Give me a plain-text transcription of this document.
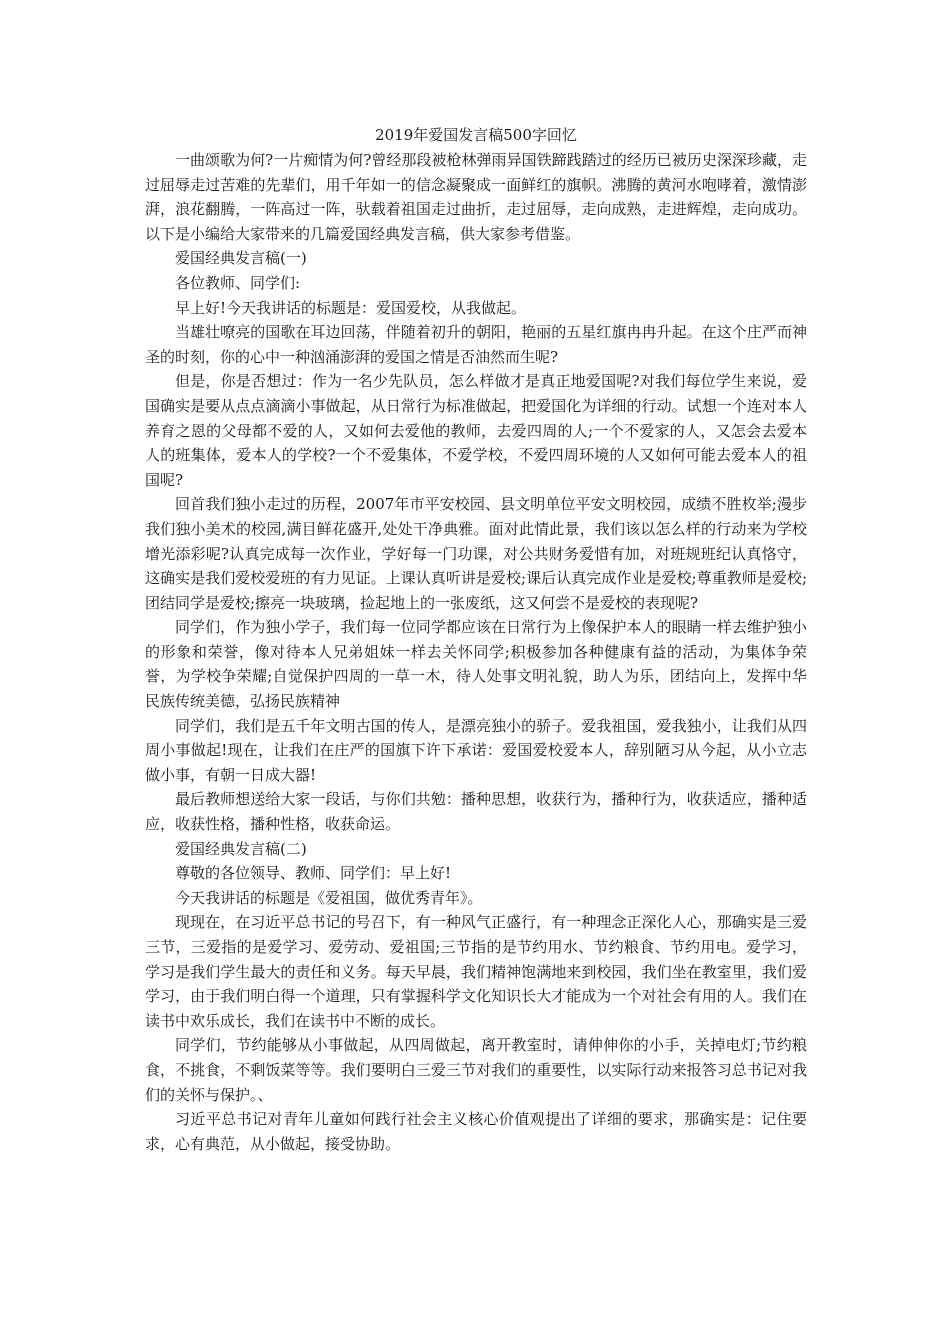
2019年爱国发言稿500字回忆

一曲颂歌为何?一片痴情为何?曾经那段被枪林弹雨异国铁蹄践踏过的经历已被历史深深珍藏，走过屈辱走过苦难的先辈们，用千年如一的信念凝聚成一面鲜红的旗帜。沸腾的黄河水咆哮着，激情澎湃，浪花翻腾，一阵高过一阵，驮载着祖国走过曲折，走过屈辱，走向成熟，走进辉煌，走向成功。以下是小编给大家带来的几篇爱国经典发言稿，供大家参考借鉴。

爱国经典发言稿(一)

各位教师、同学们:

早上好!今天我讲话的标题是：爱国爱校，从我做起。

当雄壮嘹亮的国歌在耳边回荡，伴随着初升的朝阳，艳丽的五星红旗冉冉升起。在这个庄严而神圣的时刻，你的心中一种汹涌澎湃的爱国之情是否油然而生呢?

但是，你是否想过：作为一名少先队员，怎么样做才是真正地爱国呢?对我们每位学生来说，爱国确实是要从点点滴滴小事做起，从日常行为标准做起，把爱国化为详细的行动。试想一个连对本人养育之恩的父母都不爱的人，又如何去爱他的教师，去爱四周的人;一个不爱家的人，又怎会去爱本人的班集体，爱本人的学校?一个不爱集体，不爱学校，不爱四周环境的人又如何可能去爱本人的祖国呢?

回首我们独小走过的历程，2007年市平安校园、县文明单位平安文明校园，成绩不胜枚举;漫步我们独小美术的校园,满目鲜花盛开,处处干净典雅。面对此情此景，我们该以怎么样的行动来为学校增光添彩呢?认真完成每一次作业，学好每一门功课，对公共财务爱惜有加，对班规班纪认真恪守，这确实是我们爱校爱班的有力见证。上课认真听讲是爱校;课后认真完成作业是爱校;尊重教师是爱校;团结同学是爱校;擦亮一块玻璃，捡起地上的一张废纸，这又何尝不是爱校的表现呢?

同学们，作为独小学子，我们每一位同学都应该在日常行为上像保护本人的眼睛一样去维护独小的形象和荣誉，像对待本人兄弟姐妹一样去关怀同学;积极参加各种健康有益的活动，为集体争荣誉，为学校争荣耀;自觉保护四周的一草一木，待人处事文明礼貌，助人为乐，团结向上，发挥中华民族传统美德，弘扬民族精神

同学们，我们是五千年文明古国的传人，是漂亮独小的骄子。爱我祖国，爱我独小，让我们从四周小事做起!现在，让我们在庄严的国旗下许下承诺：爱国爱校爱本人，辞别陋习从今起，从小立志做小事，有朝一日成大器!

最后教师想送给大家一段话，与你们共勉：播种思想，收获行为，播种行为，收获适应，播种适应，收获性格，播种性格，收获命运。

爱国经典发言稿(二)

尊敬的各位领导、教师、同学们：早上好!

今天我讲话的标题是《爱祖国，做优秀青年》。

现现在，在习近平总书记的号召下，有一种风气正盛行，有一种理念正深化人心，那确实是三爱三节，三爱指的是爱学习、爱劳动、爱祖国;三节指的是节约用水、节约粮食、节约用电。爱学习，学习是我们学生最大的责任和义务。每天早晨，我们精神饱满地来到校园，我们坐在教室里，我们爱学习，由于我们明白得一个道理，只有掌握科学文化知识长大才能成为一个对社会有用的人。我们在读书中欢乐成长，我们在读书中不断的成长。

同学们，节约能够从小事做起，从四周做起，离开教室时，请伸伸你的小手，关掉电灯;节约粮食，不挑食，不剩饭菜等等。我们要明白三爱三节对我们的重要性，以实际行动来报答习总书记对我们的关怀与保护。、

习近平总书记对青年儿童如何践行社会主义核心价值观提出了详细的要求，那确实是：记住要求，心有典范，从小做起，接受协助。
